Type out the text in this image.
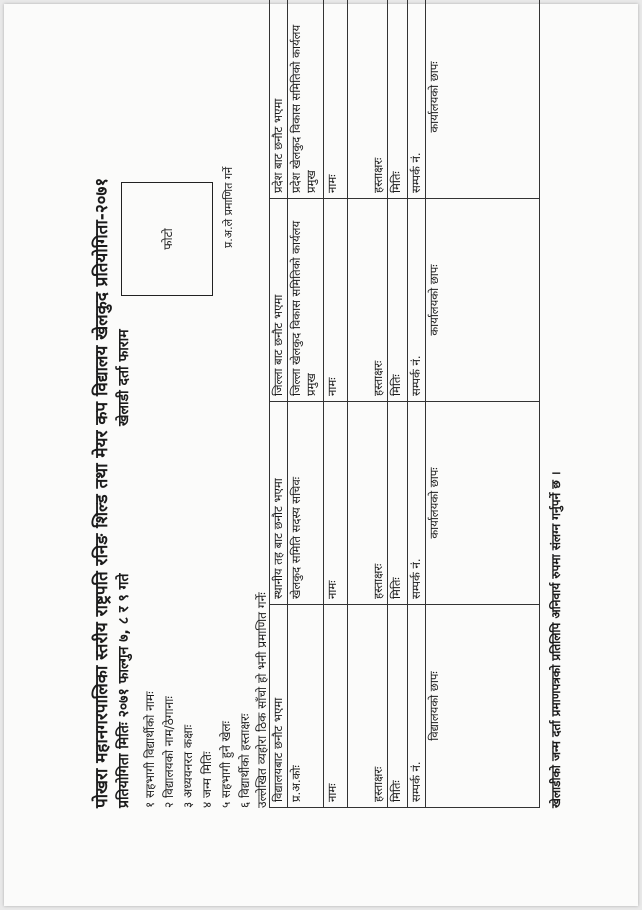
पोखरा महानगरपालिका स्तरीय राष्ट्रपति रनिङ शिल्ड तथा मेयर कप विद्यालय खेलकुद प्रतियोगिता-२०७१ प्रतियोगिता मितिः २०७१ फाल्गुन ७, ८ र ९ गते
खेलाडी दर्ता फाराम
१ सहभागी विद्यार्थीको नामः २ विद्यालयको नाम/ठेगानाः ३ अध्ययनरत कक्षाः ४ जन्म मितिः ५ सहभागी हुने खेलः ६ विद्यार्थीको हस्ताक्षरः
फोटो	प्र.अ.ले प्रमाणित गर्ने
उल्लेखित व्यहोरा ठिक साँचो हो भनी प्रमाणित गर्नेः विद्यालयबाट छनौट भएमा	स्थानीय तह बाट छनौट भएमा	जिल्ला बाट छनौट भएमा	प्रदेश बाट छनौट भएमा
प्र.अ.कोः	खेलकुद समिति सदस्य सचिवः	जिल्ला खेलकुद विकास समितिको कार्यलय प्रमुख	प्रदेश खेलकुद विकास समितिको कार्यलय प्रमुख
नामः	नामः	नामः	नामः
हस्ताक्षरः	हस्ताक्षरः	हस्ताक्षरः	हस्ताक्षरः
मितिः	मितिः	मितिः	मितिः
सम्पर्क नं.	सम्पर्क नं.	सम्पर्क नं.	सम्पर्क नं.
विद्यालयको छापः	कार्यालयको छापः	कार्यालयको छापः	कार्यालयको छापः
खेलाडीको जन्म दर्ता प्रमाणपत्रको प्रतिलिपि अनिवार्य रुपमा संलग्न गर्नुपर्ने छ ।
